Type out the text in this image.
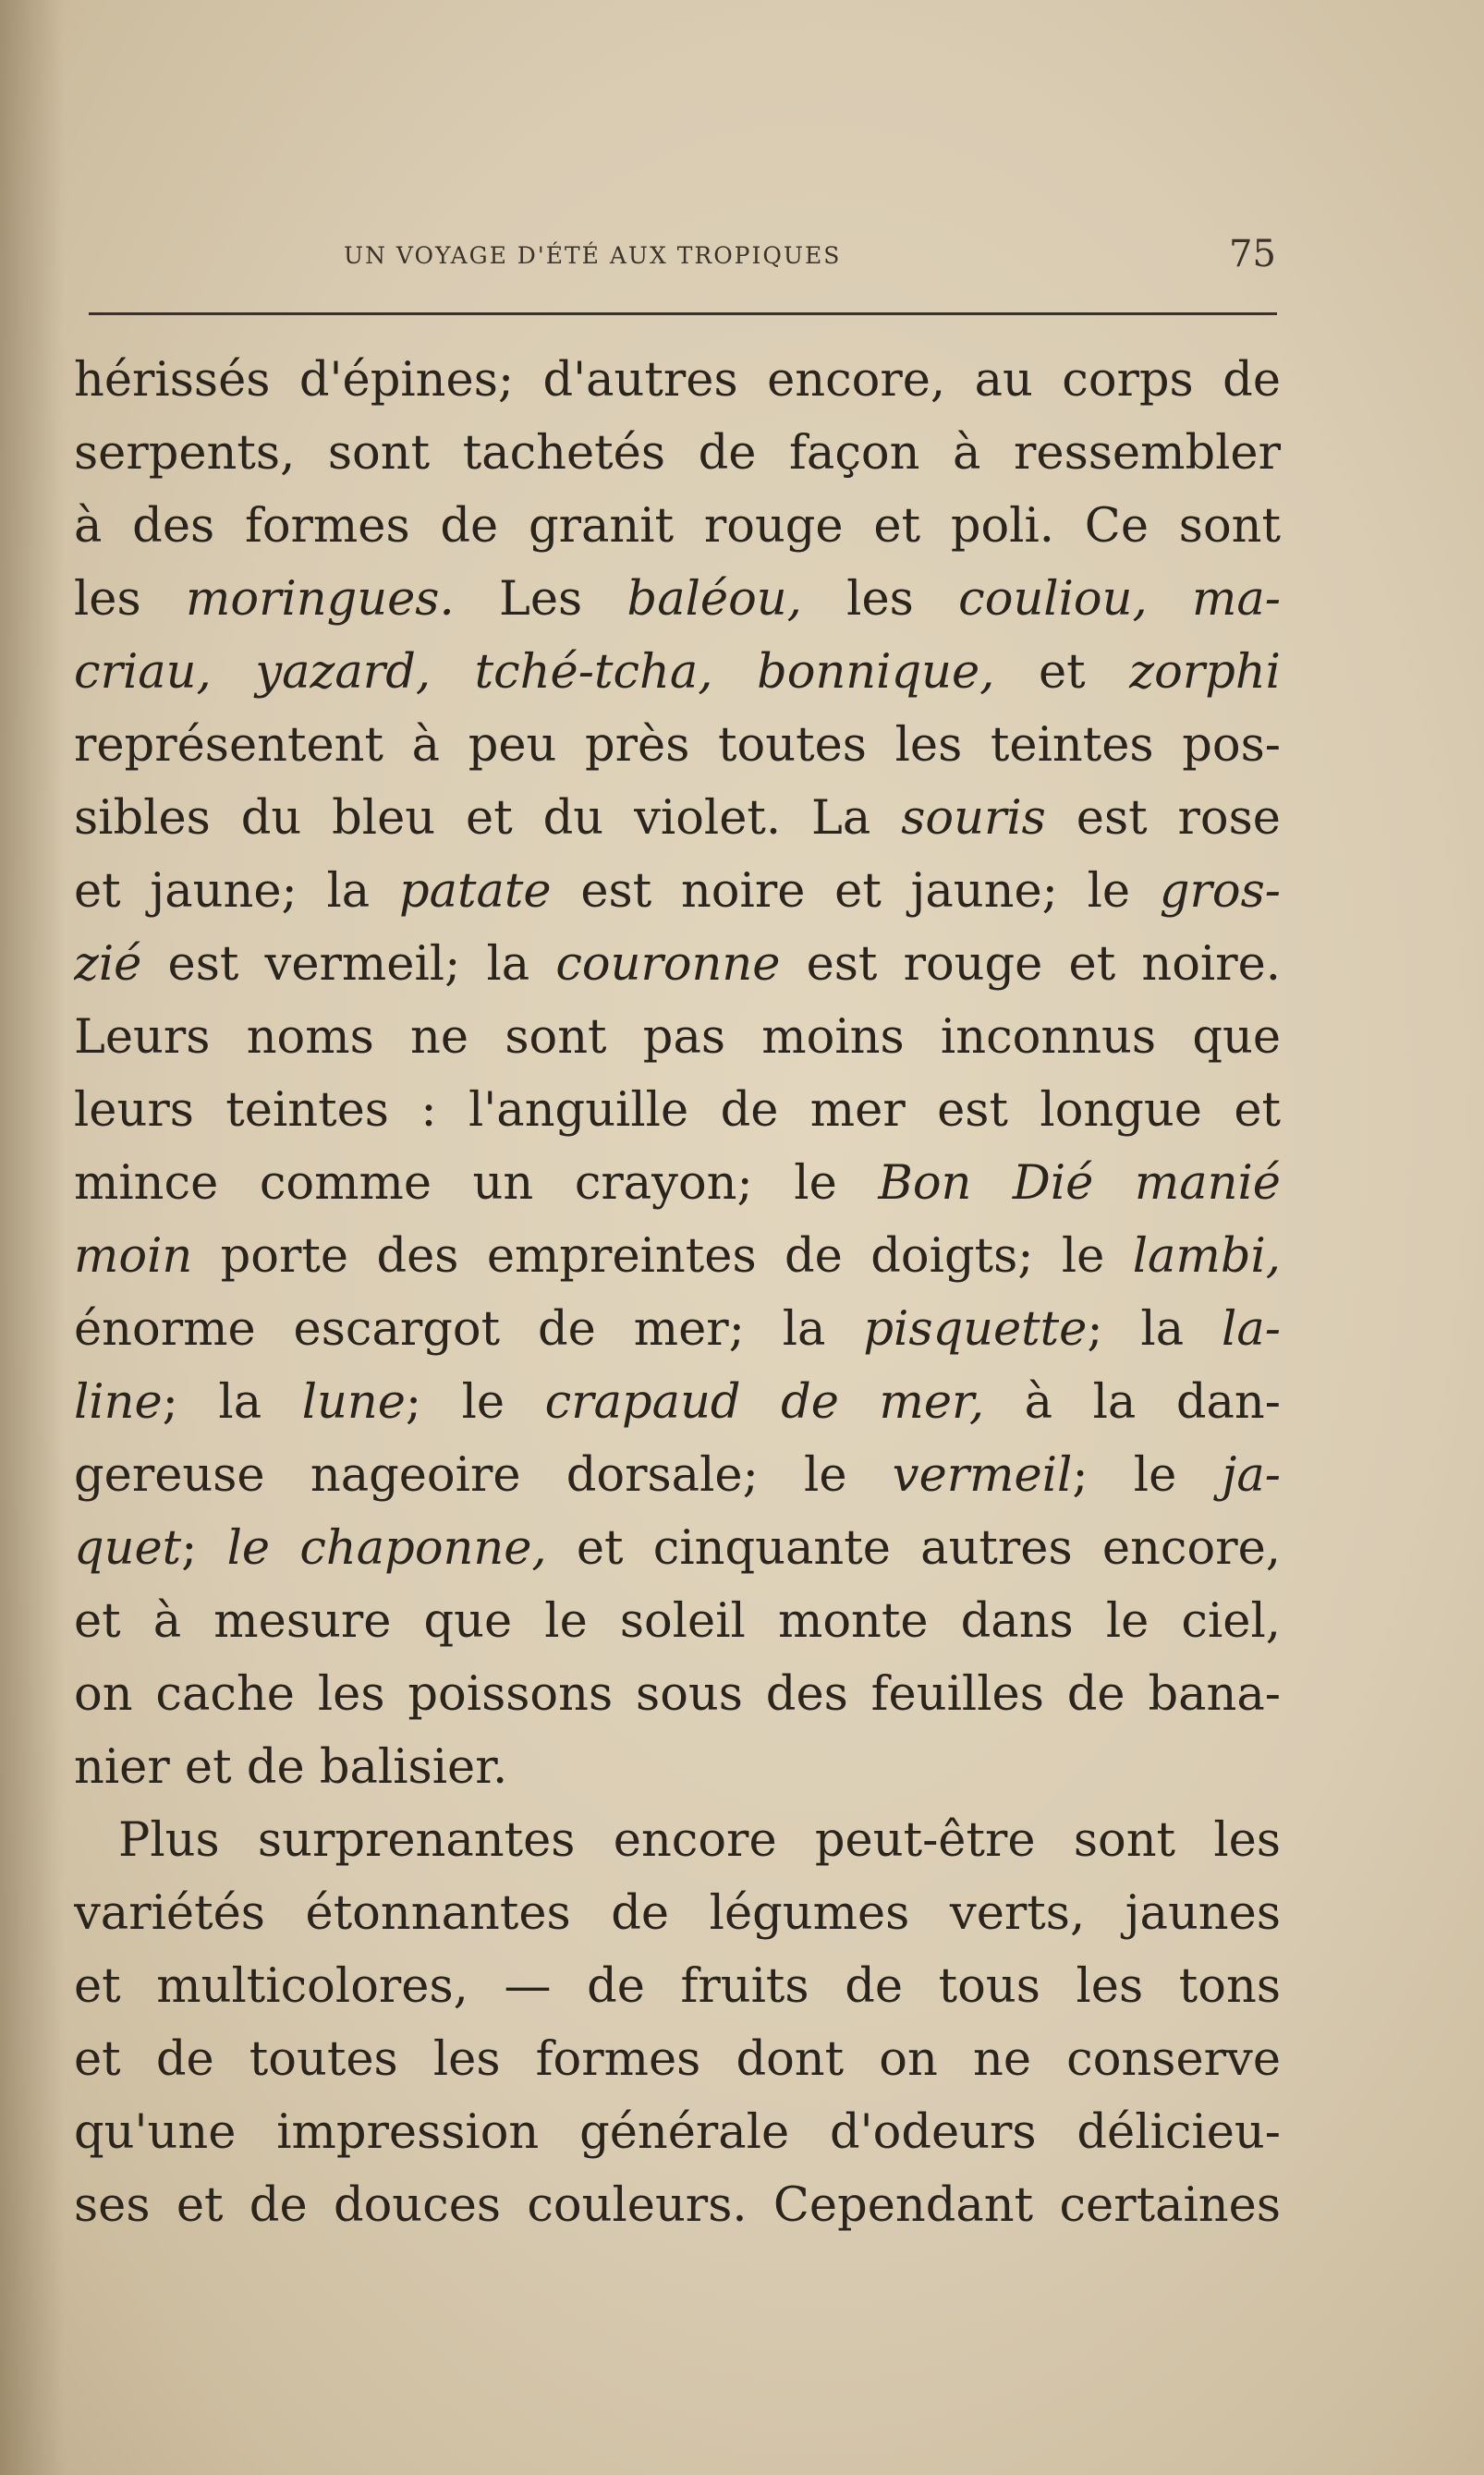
UN VOYAGE D'ÉTÉ AUX TROPIQUES	75
hérissés d'épines; d'autres encore, au corps de
serpents, sont tachetés de façon à ressembler
à des formes de granit rouge et poli. Ce sont
les moringues. Les baléou, les couliou, ma-
criau, yazard, tché-tcha, bonnique, et zorphi
représentent à peu près toutes les teintes pos-
sibles du bleu et du violet. La souris est rose
et jaune; la patate est noire et jaune; le gros-
zié est vermeil; la couronne est rouge et noire.
Leurs noms ne sont pas moins inconnus que
leurs teintes : l'anguille de mer est longue et
mince comme un crayon; le Bon Dié manié
moin porte des empreintes de doigts; le lambi,
énorme escargot de mer; la pisquette; la la-
line; la lune; le crapaud de mer, à la dan-
gereuse nageoire dorsale; le vermeil; le ja-
quet; le chaponne, et cinquante autres encore,
et à mesure que le soleil monte dans le ciel,
on cache les poissons sous des feuilles de bana-
nier et de balisier.
Plus surprenantes encore peut-être sont les
variétés étonnantes de légumes verts, jaunes
et multicolores, — de fruits de tous les tons
et de toutes les formes dont on ne conserve
qu'une impression générale d'odeurs délicieu-
ses et de douces couleurs. Cependant certaines
